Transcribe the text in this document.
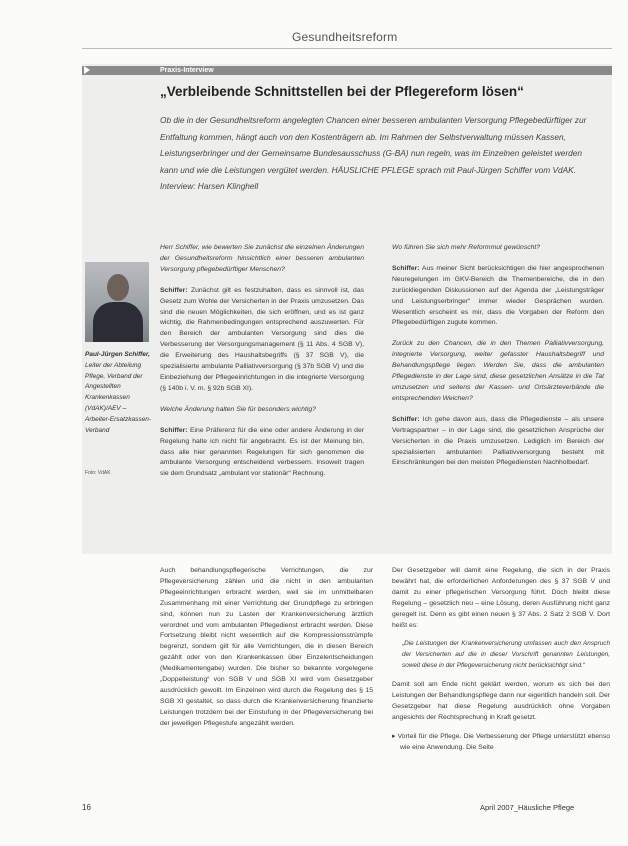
Gesundheitsreform
Praxis-Interview
„Verbleibende Schnittstellen bei der Pflegereform lösen“

Ob die in der Gesundheitsreform angelegten Chancen einer besseren ambulanten Versorgung Pflegebedürftiger zur Entfaltung kommen, hängt auch von den Kostenträgern ab. Im Rahmen der Selbstverwaltung müssen Kassen, Leistungserbringer und der Gemeinsame Bundesausschuss (G-BA) nun regeln, was im Einzelnen geleistet werden kann und wie die Leistungen vergütet werden. HÄUSLICHE PFLEGE sprach mit Paul-Jürgen Schiffer vom VdAK.

Interview: Harsen Klinghell

Paul-Jürgen Schiffer, Leiter der Abteilung Pflege, Verband der Angestellten Krankenkassen (VdAK)/AEV – Arbeiter-Ersatzkassen-Verband
Foto: VdAK

Herr Schiffer, wie bewerten Sie zunächst die einzelnen Änderungen der Gesundheitsreform hinsichtlich einer besseren ambulanten Versorgung pflegebedürftiger Menschen?

Schiffer: Zunächst gilt es festzuhalten, dass es sinnvoll ist, das Gesetz zum Wohle der Versicherten in der Praxis umzusetzen. Das sind die neuen Möglichkeiten, die sich eröffnen, und es ist ganz wichtig, die Rahmenbedingungen entsprechend auszuwerten. Für den Bereich der ambulanten Versorgung sind dies die Verbesserung der Versorgungsmanagement (§ 11 Abs. 4 SGB V), die Erweiterung des Haushaltsbegriffs (§ 37 SGB V), die spezialisierte ambulante Palliativversorgung (§ 37b SGB V) und die Einbeziehung der Pflegeeinrichtungen in die integrierte Versorgung (§ 140b i. V. m. § 92b SGB XI).

Welche Änderung halten Sie für besonders wichtig?

Schiffer: Eine Präferenz für die eine oder andere Änderung in der Regelung halte ich nicht für angebracht. Es ist der Meinung bin, dass alle hier genannten Regelungen für sich genommen die ambulante Versorgung entscheidend verbessern. Insoweit tragen sie dem Grundsatz „ambulant vor stationär“ Rechnung.

Wo führen Sie sich mehr Reformmut gewünscht?

Schiffer: Aus meiner Sicht berücksichtigen die hier angesprochenen Neuregelungen im GKV-Bereich die Themenbereiche, die in den zurückliegenden Diskussionen auf der Agenda der „Leistungsträger und Leistungserbringer“ immer wieder Gesprächen wurden. Wesentlich erscheint es mir, dass die Vorgaben der Reform den Pflegebedürftigen zugute kommen.

Zurück zu den Chancen, die in den Themen Palliativversorgung, integrierte Versorgung, weiter gefasster Haushaltsbegriff und Behandlungspflege liegen. Werden Sie, dass die ambulanten Pflegedienste in der Lage sind, diese gesetzlichen Ansätze in die Tat umzusetzen und seitens der Kassen- und Ortsärzteverbände die entsprechenden Weichen?

Schiffer: Ich gehe davon aus, dass die Pflegedienste – als unsere Vertragspartner – in der Lage sind, die gesetzlichen Ansprüche der Versicherten in die Praxis umzusetzen. Lediglich im Bereich der spezialisierten ambulanten Palliativversorgung besteht mit Einschränkungen bei den meisten Pflegediensten Nachholbedarf.

Auch behandlungspflegerische Verrichtungen, die zur Pflegeversicherung zählen und die nicht in den ambulanten Pflegeeinrichtungen erbracht werden, weil sie im unmittelbaren Zusammenhang mit einer Verrichtung der Grundpflege zu erbringen sind, können nun zu Lasten der Krankenversicherung ärztlich verordnet und vom ambulanten Pflegedienst erbracht werden. Diese Fortsetzung bleibt nicht wesentlich auf die Kompressionsstrümpfe begrenzt, sondern gilt für alle Verrichtungen, die in diesen Bereich gezählt oder von den Krankenkassen über Einzelentscheidungen (Medikamentengabe) wurden. Die bisher so bekannte vorgelegene „Doppelleistung“ von SGB V und SGB XI wird vom Gesetzgeber ausdrücklich gewollt. Im Einzelnen wird durch die Regelung des § 15 SGB XI gestaltet, so dass durch die Krankenversicherung finanzierte Leistungen trotzdem bei der Einstufung in der Pflegeversicherung bei der jeweiligen Pflegestufe angezählt werden.

Der Gesetzgeber will damit eine Regelung, die sich in der Praxis bewährt hat, die erforderlichen Anforderungen des § 37 SGB V und damit zu einer pflegerischen Versorgung führt. Doch bleibt diese Regelung – gesetzlich neu – eine Lösung, deren Ausführung nicht ganz geregelt ist. Denn es gibt einen neuen § 37 Abs. 2 Satz 2 SGB V. Dort heißt es:

„Die Leistungen der Krankenversicherung umfassen auch den Anspruch der Versicherten auf die in dieser Vorschrift genannten Leistungen, soweit diese in der Pflegeversicherung nicht berücksichtigt sind.“

Damit soll am Ende nicht geklärt werden, worum es sich bei den Leistungen der Behandlungspflege dann nur eigentlich handeln soll. Der Gesetzgeber hat diese Regelung ausdrücklich ohne Vorgaben angesichts der Rechtsprechung in Kraft gesetzt.

▸ Vorteil für die Pflege. Die Verbesserung der Pflege unterstützt ebenso wie eine Anwendung. Die Seite

16	April 2007_Häusliche Pflege
